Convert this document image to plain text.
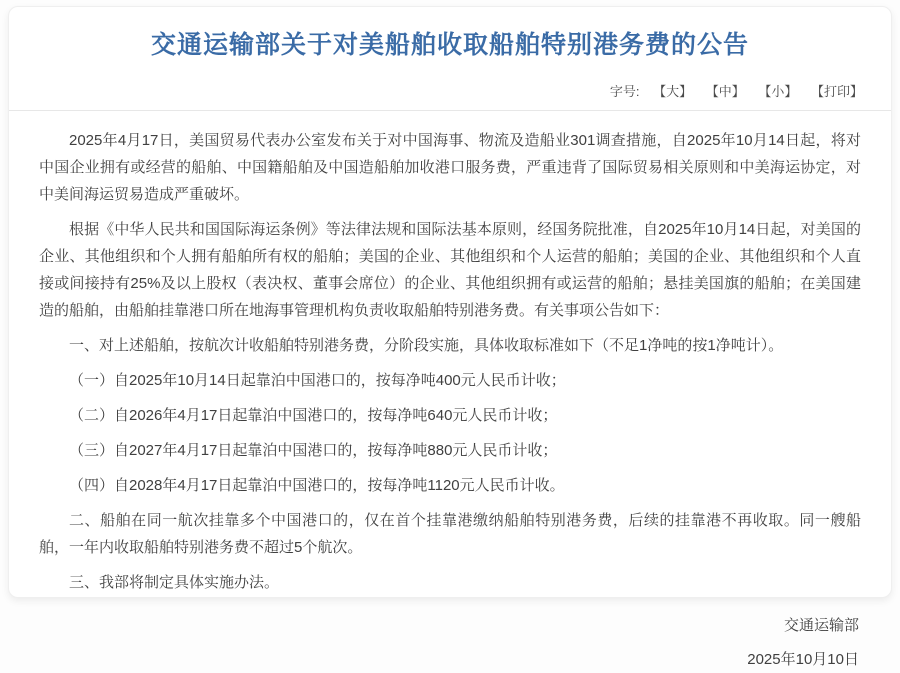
交通运输部关于对美船舶收取船舶特别港务费的公告
字号: 【大】 【中】 【小】 【打印】

2025年4月17日，美国贸易代表办公室发布关于对中国海事、物流及造船业301调查措施，自2025年10月14日起，将对中国企业拥有或经营的船舶、中国籍船舶及中国造船舶加收港口服务费，严重违背了国际贸易相关原则和中美海运协定，对中美间海运贸易造成严重破坏。

根据《中华人民共和国国际海运条例》等法律法规和国际法基本原则，经国务院批准，自2025年10月14日起，对美国的企业、其他组织和个人拥有船舶所有权的船舶；美国的企业、其他组织和个人运营的船舶；美国的企业、其他组织和个人直接或间接持有25%及以上股权（表决权、董事会席位）的企业、其他组织拥有或运营的船舶；悬挂美国旗的船舶；在美国建造的船舶，由船舶挂靠港口所在地海事管理机构负责收取船舶特别港务费。有关事项公告如下：

一、对上述船舶，按航次计收船舶特别港务费，分阶段实施，具体收取标准如下（不足1净吨的按1净吨计）。

（一）自2025年10月14日起靠泊中国港口的，按每净吨400元人民币计收；

（二）自2026年4月17日起靠泊中国港口的，按每净吨640元人民币计收；

（三）自2027年4月17日起靠泊中国港口的，按每净吨880元人民币计收；

（四）自2028年4月17日起靠泊中国港口的，按每净吨1120元人民币计收。

二、船舶在同一航次挂靠多个中国港口的，仅在首个挂靠港缴纳船舶特别港务费，后续的挂靠港不再收取。同一艘船舶，一年内收取船舶特别港务费不超过5个航次。

三、我部将制定具体实施办法。

交通运输部
2025年10月10日
